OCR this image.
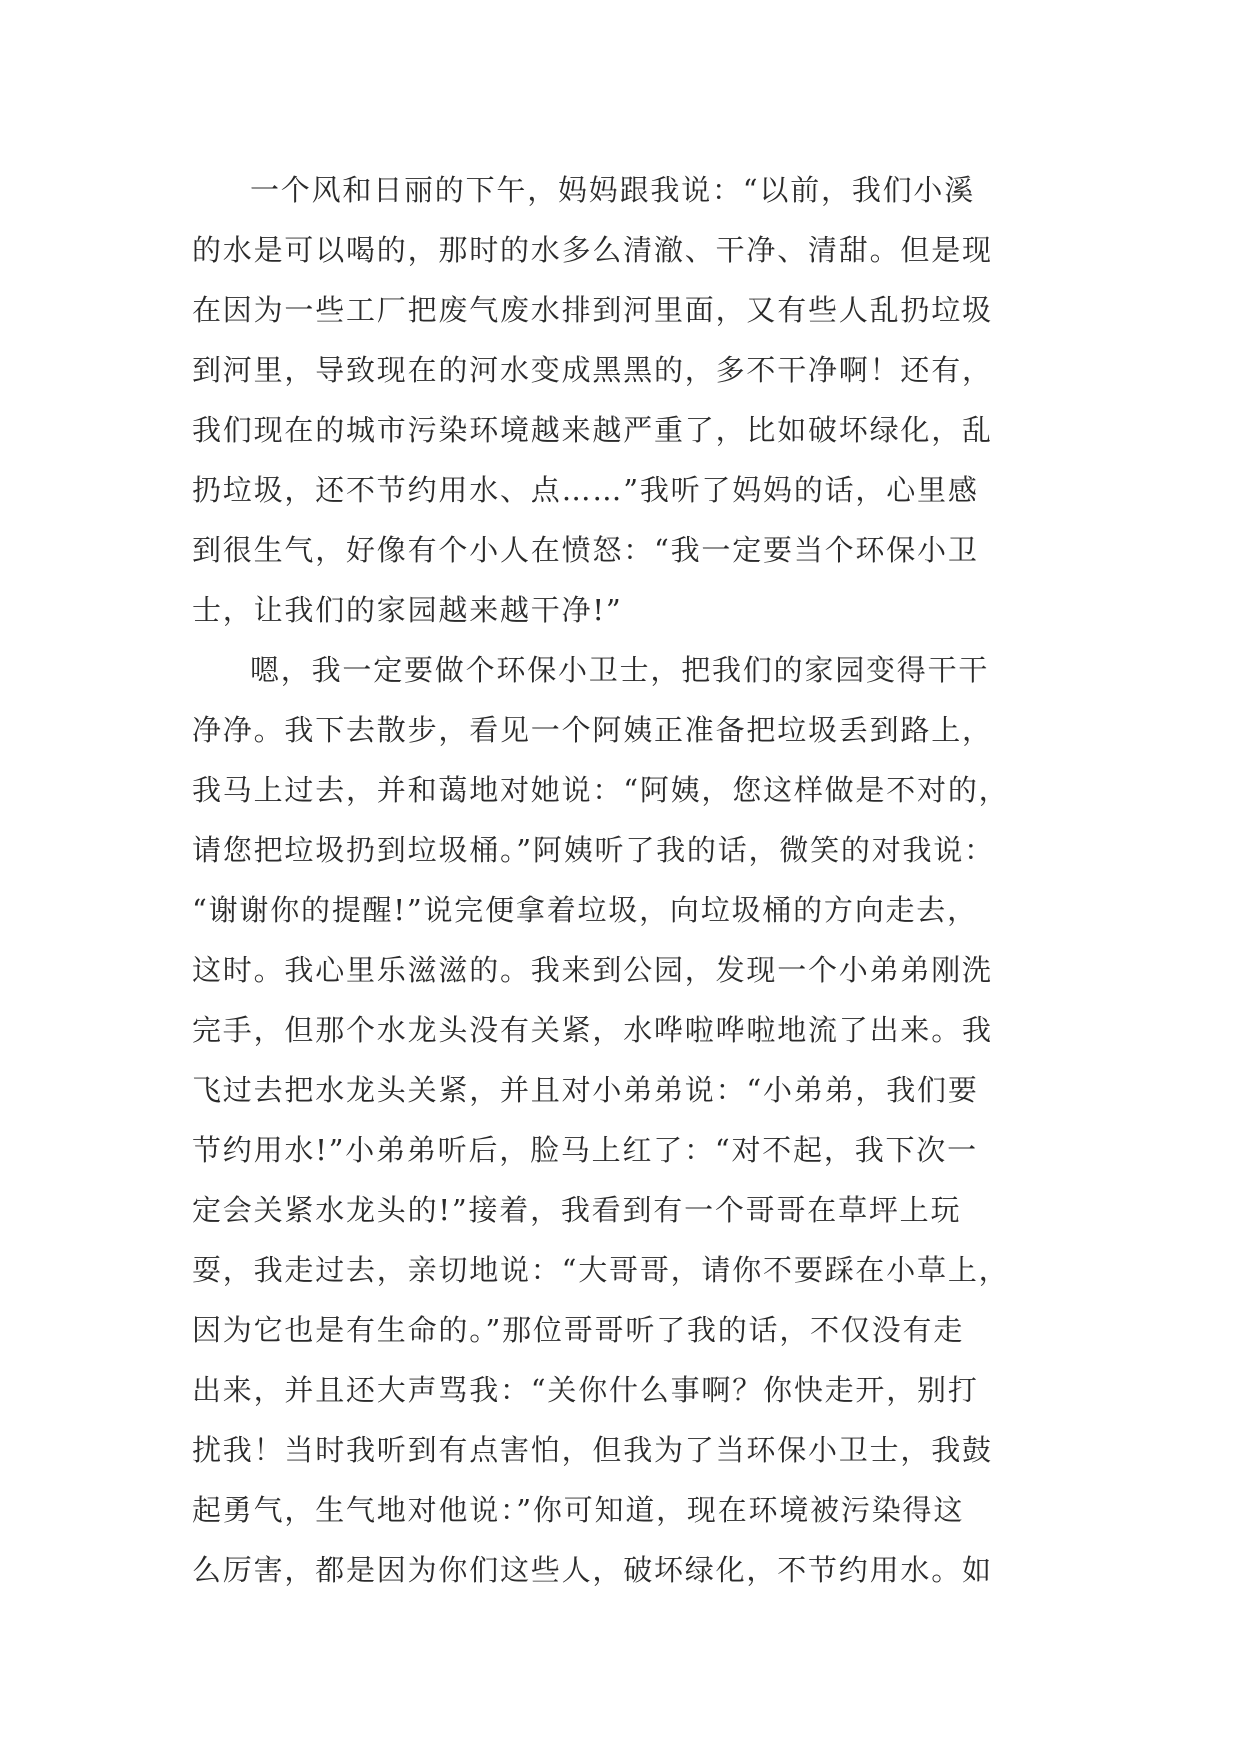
一个风和日丽的下午，妈妈跟我说：“以前，我们小溪
的水是可以喝的，那时的水多么清澈、干净、清甜。但是现
在因为一些工厂把废气废水排到河里面，又有些人乱扔垃圾
到河里，导致现在的河水变成黑黑的，多不干净啊！还有，
我们现在的城市污染环境越来越严重了，比如破坏绿化，乱
扔垃圾，还不节约用水、点……”我听了妈妈的话，心里感
到很生气，好像有个小人在愤怒：“我一定要当个环保小卫
士，让我们的家园越来越干净!”
嗯，我一定要做个环保小卫士，把我们的家园变得干干
净净。我下去散步，看见一个阿姨正准备把垃圾丢到路上，
我马上过去，并和蔼地对她说：“阿姨，您这样做是不对的，
请您把垃圾扔到垃圾桶。”阿姨听了我的话，微笑的对我说：
“谢谢你的提醒!”说完便拿着垃圾，向垃圾桶的方向走去，
这时。我心里乐滋滋的。我来到公园，发现一个小弟弟刚洗
完手，但那个水龙头没有关紧，水哗啦哗啦地流了出来。我
飞过去把水龙头关紧，并且对小弟弟说：“小弟弟，我们要
节约用水!”小弟弟听后，脸马上红了：“对不起，我下次一
定会关紧水龙头的!”接着，我看到有一个哥哥在草坪上玩
耍，我走过去，亲切地说：“大哥哥，请你不要踩在小草上，
因为它也是有生命的。”那位哥哥听了我的话，不仅没有走
出来，并且还大声骂我：“关你什么事啊？你快走开，别打
扰我！当时我听到有点害怕，但我为了当环保小卫士，我鼓
起勇气，生气地对他说：”你可知道，现在环境被污染得这
么厉害，都是因为你们这些人，破坏绿化，不节约用水。如
